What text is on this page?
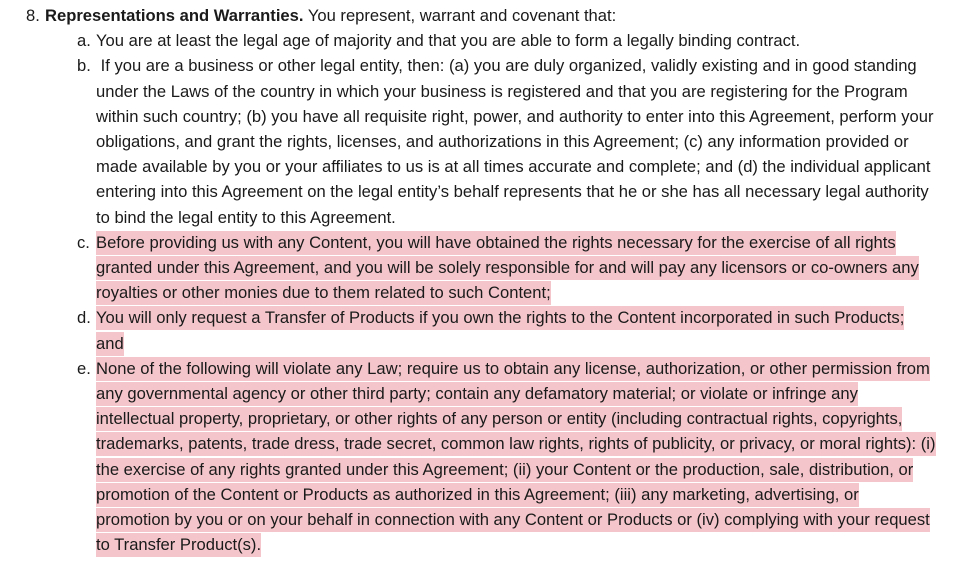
8. Representations and Warranties. You represent, warrant and covenant that:
a. You are at least the legal age of majority and that you are able to form a legally binding contract.
b. If you are a business or other legal entity, then: (a) you are duly organized, validly existing and in good standing
under the Laws of the country in which your business is registered and that you are registering for the Program
within such country; (b) you have all requisite right, power, and authority to enter into this Agreement, perform your
obligations, and grant the rights, licenses, and authorizations in this Agreement; (c) any information provided or
made available by you or your affiliates to us is at all times accurate and complete; and (d) the individual applicant
entering into this Agreement on the legal entity’s behalf represents that he or she has all necessary legal authority
to bind the legal entity to this Agreement.
c. Before providing us with any Content, you will have obtained the rights necessary for the exercise of all rights
granted under this Agreement, and you will be solely responsible for and will pay any licensors or co-owners any
royalties or other monies due to them related to such Content;
d. You will only request a Transfer of Products if you own the rights to the Content incorporated in such Products;
and
e. None of the following will violate any Law; require us to obtain any license, authorization, or other permission from
any governmental agency or other third party; contain any defamatory material; or violate or infringe any
intellectual property, proprietary, or other rights of any person or entity (including contractual rights, copyrights,
trademarks, patents, trade dress, trade secret, common law rights, rights of publicity, or privacy, or moral rights): (i)
the exercise of any rights granted under this Agreement; (ii) your Content or the production, sale, distribution, or
promotion of the Content or Products as authorized in this Agreement; (iii) any marketing, advertising, or
promotion by you or on your behalf in connection with any Content or Products or (iv) complying with your request
to Transfer Product(s).
